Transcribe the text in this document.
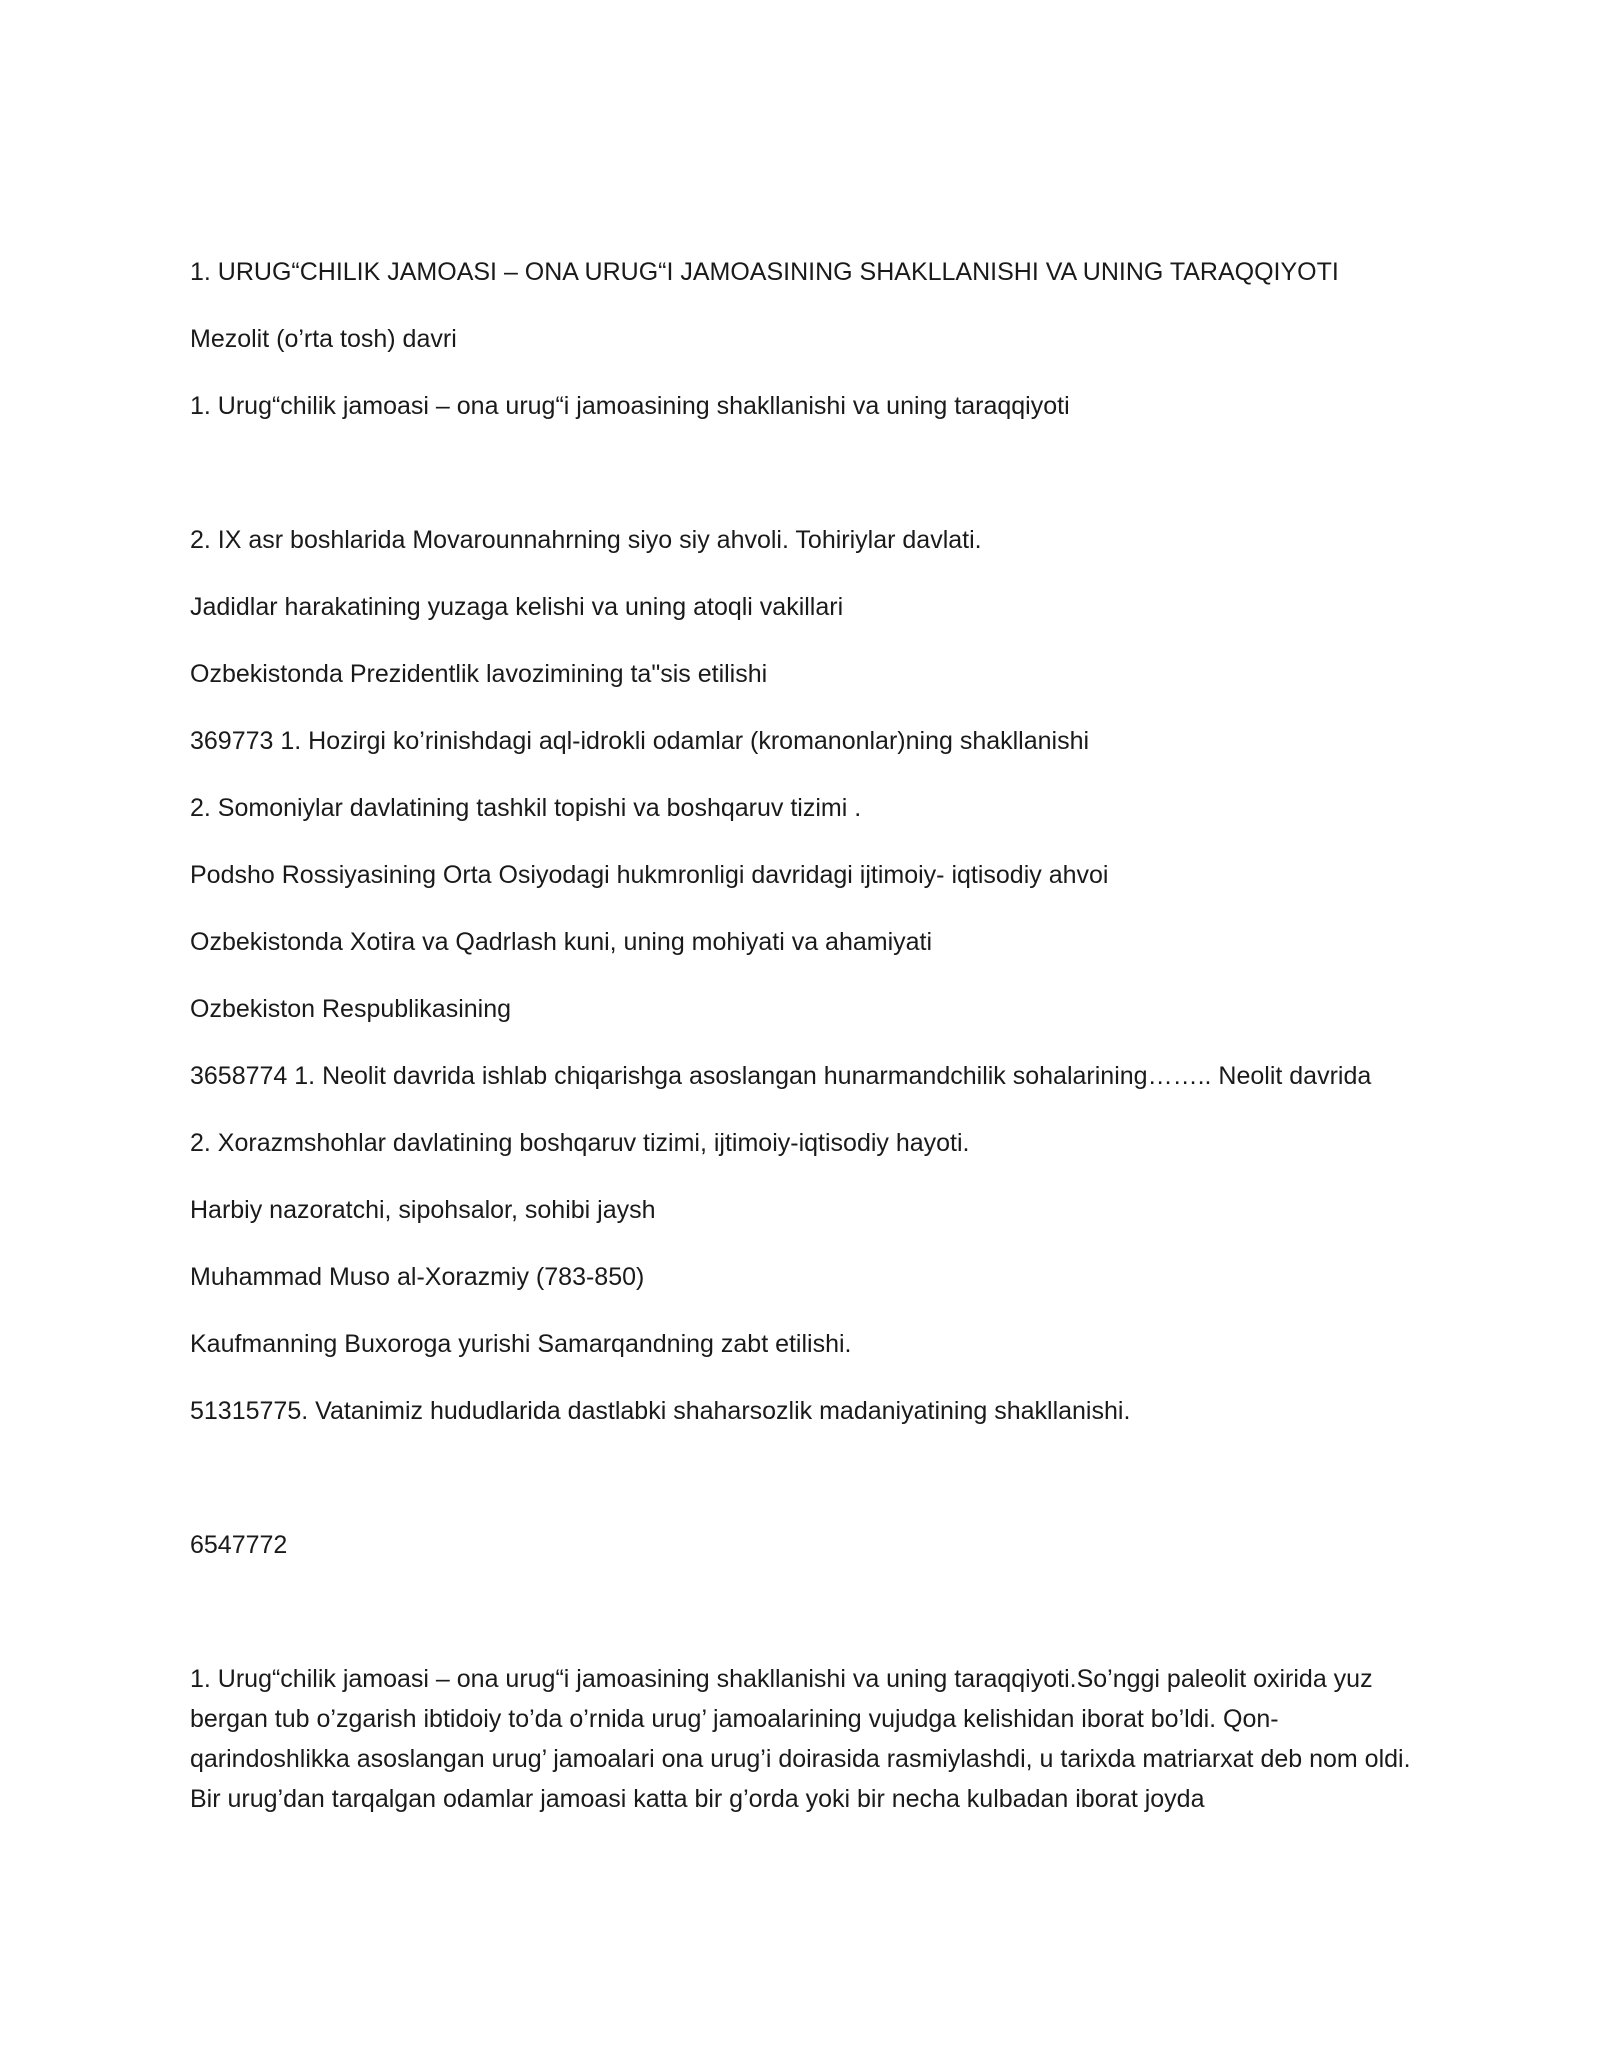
1. URUG“CHILIK JAMOASI – ONA URUG“I JAMOASINING SHAKLLANISHI VA UNING TARAQQIYOTI

Mezolit (o’rta tosh) davri

1. Urug“chilik jamoasi – ona urug“i jamoasining shakllanishi va uning taraqqiyoti

2. IX asr boshlarida Movarounnahrning siyo siy ahvoli. Tohiriylar davlati.

Jadidlar harakatining yuzaga kelishi va uning atoqli vakillari

Ozbekistonda Prezidentlik lavozimining ta"sis etilishi

369773 1. Hozirgi ko’rinishdagi aql-idrokli odamlar (kromanonlar)ning shakllanishi

2. Somoniylar davlatining tashkil topishi va boshqaruv tizimi .

Podsho Rossiyasining Orta Osiyodagi hukmronligi davridagi ijtimoiy- iqtisodiy ahvoi

Ozbekistonda Xotira va Qadrlash kuni, uning mohiyati va ahamiyati

Ozbekiston Respublikasining

3658774 1. Neolit davrida ishlab chiqarishga asoslangan hunarmandchilik sohalarining…….. Neolit davrida

2. Xorazmshohlar davlatining boshqaruv tizimi, ijtimoiy-iqtisodiy hayoti.

Harbiy nazoratchi, sipohsalor, sohibi jaysh

Muhammad Muso al-Xorazmiy (783-850)

Kaufmanning Buxoroga yurishi Samarqandning zabt etilishi.

51315775. Vatanimiz hududlarida dastlabki shaharsozlik madaniyatining shakllanishi.

6547772

1. Urug“chilik jamoasi – ona urug“i jamoasining shakllanishi va uning taraqqiyoti.So’nggi paleolit oxirida yuz bergan tub o’zgarish ibtidoiy to’da o’rnida urug’ jamoalarining vujudga kelishidan iborat bo’ldi. Qon-qarindoshlikka asoslangan urug’ jamoalari ona urug’i doirasida rasmiylashdi, u tarixda matriarxat deb nom oldi. Bir urug’dan tarqalgan odamlar jamoasi katta bir g’orda yoki bir necha kulbadan iborat joyda
